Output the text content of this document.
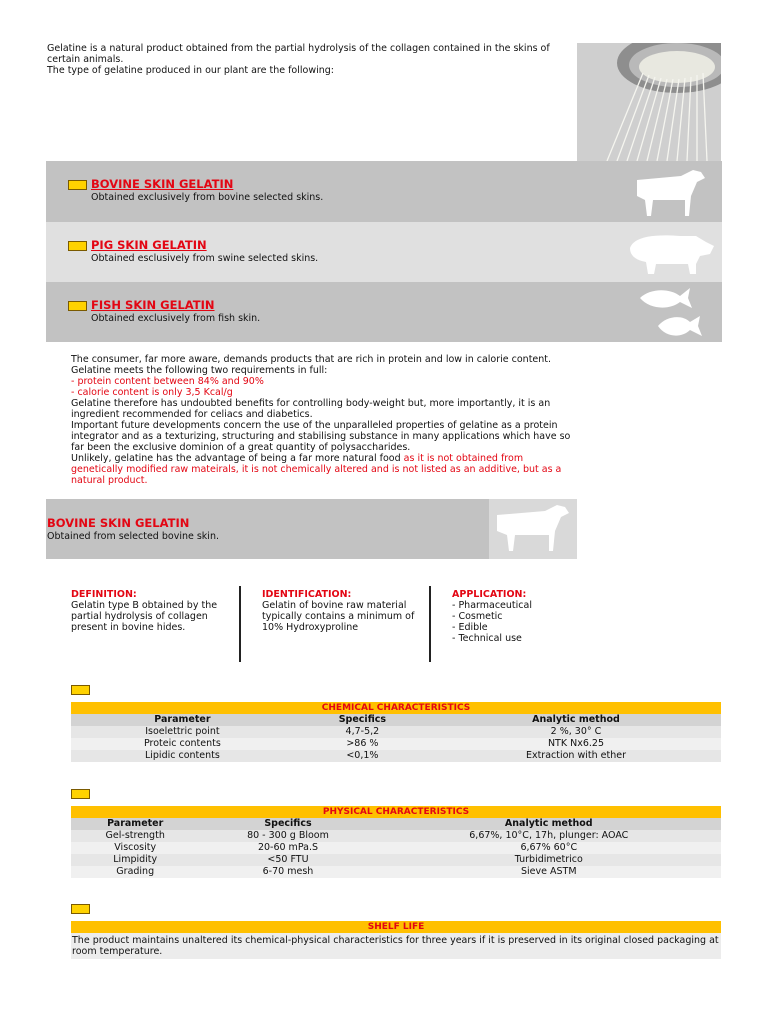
Gelatine is a natural product obtained from the partial hydrolysis of the collagen contained in the skins of certain animals.
The type of gelatine produced in our plant are the following:
BOVINE SKIN GELATIN
Obtained exclusively from bovine selected skins.
PIG SKIN GELATIN
Obtained esclusively from swine selected skins.
FISH SKIN GELATIN
Obtained exclusively from fish skin.
The consumer, far more aware, demands products that are rich in protein and low in calorie content.
Gelatine meets the following two requirements in full:
- protein content between 84% and 90%
- calorie content is only 3,5 Kcal/g
Gelatine therefore has undoubted benefits for controlling body-weight but, more importantly, it is an ingredient recommended for celiacs and diabetics.
Important future developments concern the use of the unparalleled properties of gelatine as a protein integrator and as a texturizing, structuring and stabilising substance in many applications which have so far been the exclusive dominion of a great quantity of polysaccharides.
Unlikely, gelatine has the advantage of being a far more natural food as it is not obtained from genetically modified raw mateirals, it is not chemically altered and is not listed as an additive, but as a natural product.
BOVINE SKIN GELATIN
Obtained from selected bovine skin.
DEFINITION:
Gelatin type B obtained by the
partial hydrolysis of collagen
present in bovine hides.
IDENTIFICATION:
Gelatin of bovine raw material
typically contains a minimum of
10% Hydroxyproline
APPLICATION:
- Pharmaceutical
- Cosmetic
- Edible
- Technical use
CHEMICAL CHARACTERISTICS		
Parameter	Specifics	Analytic method
Isoelettric point	4,7-5,2	2 %, 30° C
Proteic contents	>86 %	NTK Nx6.25
Lipidic contents	<0,1%	Extraction with ether
PHYSICAL CHARACTERISTICS		
Parameter	Specifics	Analytic method
Gel-strength	80 - 300 g Bloom	6,67%, 10°C, 17h, plunger: AOAC
Viscosity	20-60 mPa.S	6,67% 60°C
Limpidity	<50 FTU	Turbidimetrico
Grading	6-70 mesh	Sieve ASTM
SHELF LIFE
The product maintains unaltered its chemical-physical characteristics for three years if it is preserved in its original closed packaging at room temperature.
